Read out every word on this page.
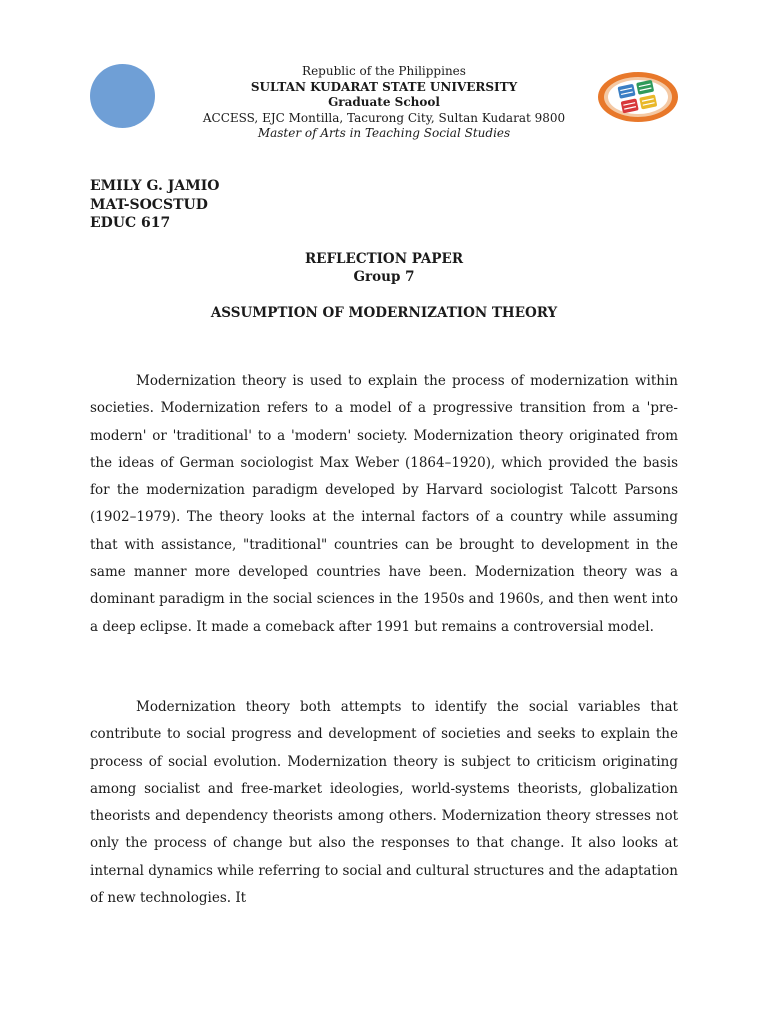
Republic of the Philippines
SULTAN KUDARAT STATE UNIVERSITY
Graduate School
ACCESS, EJC Montilla, Tacurong City, Sultan Kudarat 9800
Master of Arts in Teaching Social Studies
EMILY G. JAMIO
MAT-SOCSTUD
EDUC 617
REFLECTION PAPER
Group 7
ASSUMPTION OF MODERNIZATION THEORY

Modernization theory is used to explain the process of modernization within societies. Modernization refers to a model of a progressive transition from a 'pre-modern' or 'traditional' to a 'modern' society. Modernization theory originated from the ideas of German sociologist Max Weber (1864–1920), which provided the basis for the modernization paradigm developed by Harvard sociologist Talcott Parsons (1902–1979). The theory looks at the internal factors of a country while assuming that with assistance, "traditional" countries can be brought to development in the same manner more developed countries have been. Modernization theory was a dominant paradigm in the social sciences in the 1950s and 1960s, and then went into a deep eclipse. It made a comeback after 1991 but remains a controversial model.

Modernization theory both attempts to identify the social variables that contribute to social progress and development of societies and seeks to explain the process of social evolution. Modernization theory is subject to criticism originating among socialist and free-market ideologies, world-systems theorists, globalization theorists and dependency theorists among others. Modernization theory stresses not only the process of change but also the responses to that change. It also looks at internal dynamics while referring to social and cultural structures and the adaptation of new technologies. It
